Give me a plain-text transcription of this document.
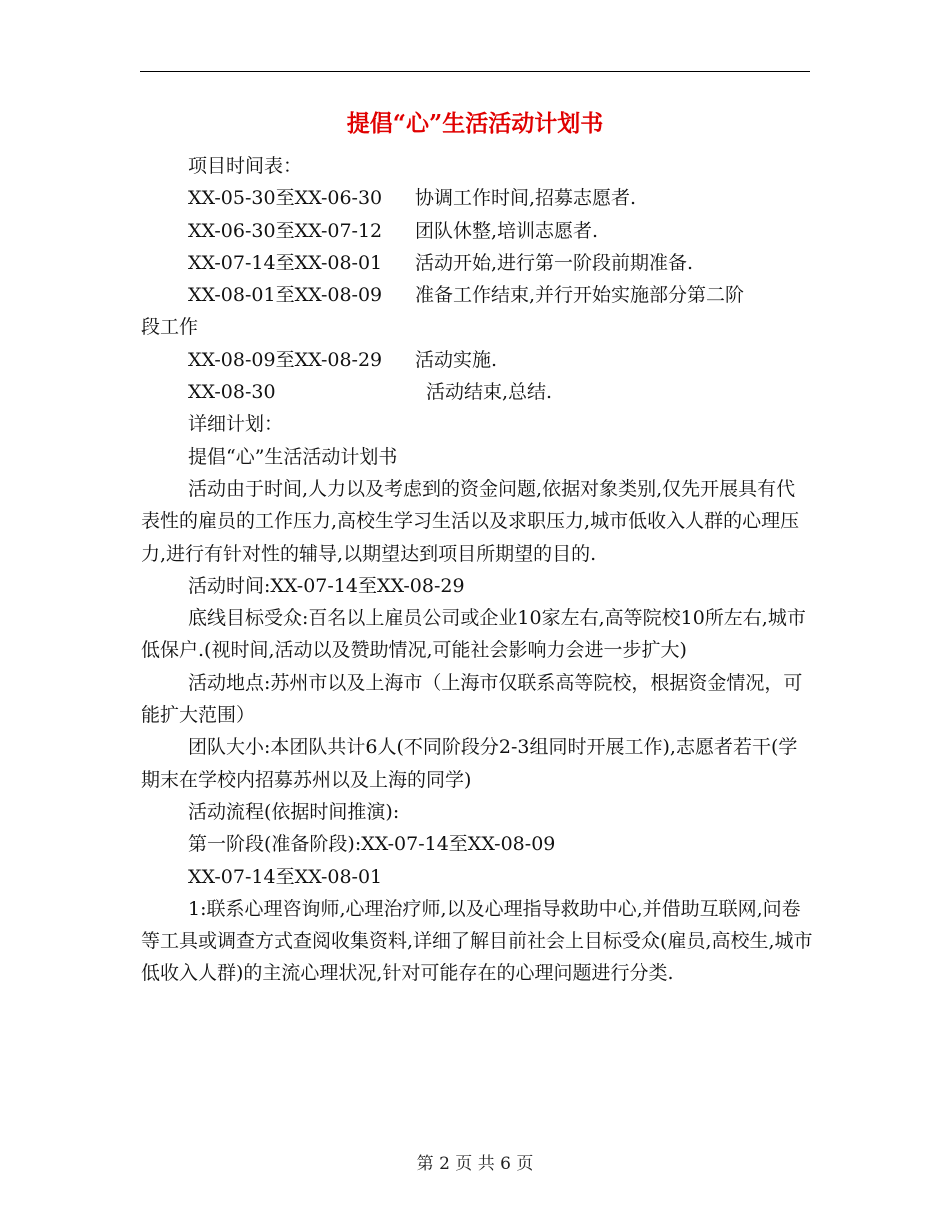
提倡“心”生活活动计划书

项目时间表：

XX-05-30至XX-06-30	协调工作时间,招募志愿者.
XX-06-30至XX-07-12	团队休整,培训志愿者.
XX-07-14至XX-08-01	活动开始,进行第一阶段前期准备.
XX-08-01至XX-08-09	准备工作结束,并行开始实施部分第二阶
段工作
XX-08-09至XX-08-29	活动实施.
XX-08-30	活动结束,总结.

详细计划：

提倡“心”生活活动计划书

活动由于时间,人力以及考虑到的资金问题,依据对象类别,仅先开展具有代表性的雇员的工作压力,高校生学习生活以及求职压力,城市低收入人群的心理压力,进行有针对性的辅导,以期望达到项目所期望的目的.

活动时间:XX-07-14至XX-08-29

底线目标受众:百名以上雇员公司或企业10家左右,高等院校10所左右,城市低保户.(视时间,活动以及赞助情况,可能社会影响力会进一步扩大)

活动地点:苏州市以及上海市（上海市仅联系高等院校，根据资金情况，可能扩大范围）

团队大小:本团队共计6人(不同阶段分2-3组同时开展工作),志愿者若干(学期末在学校内招募苏州以及上海的同学)

活动流程(依据时间推演):

第一阶段(准备阶段):XX-07-14至XX-08-09

XX-07-14至XX-08-01

1:联系心理咨询师,心理治疗师,以及心理指导救助中心,并借助互联网,问卷等工具或调查方式查阅收集资料,详细了解目前社会上目标受众(雇员,高校生,城市低收入人群)的主流心理状况,针对可能存在的心理问题进行分类.

第 2 页 共 6 页
